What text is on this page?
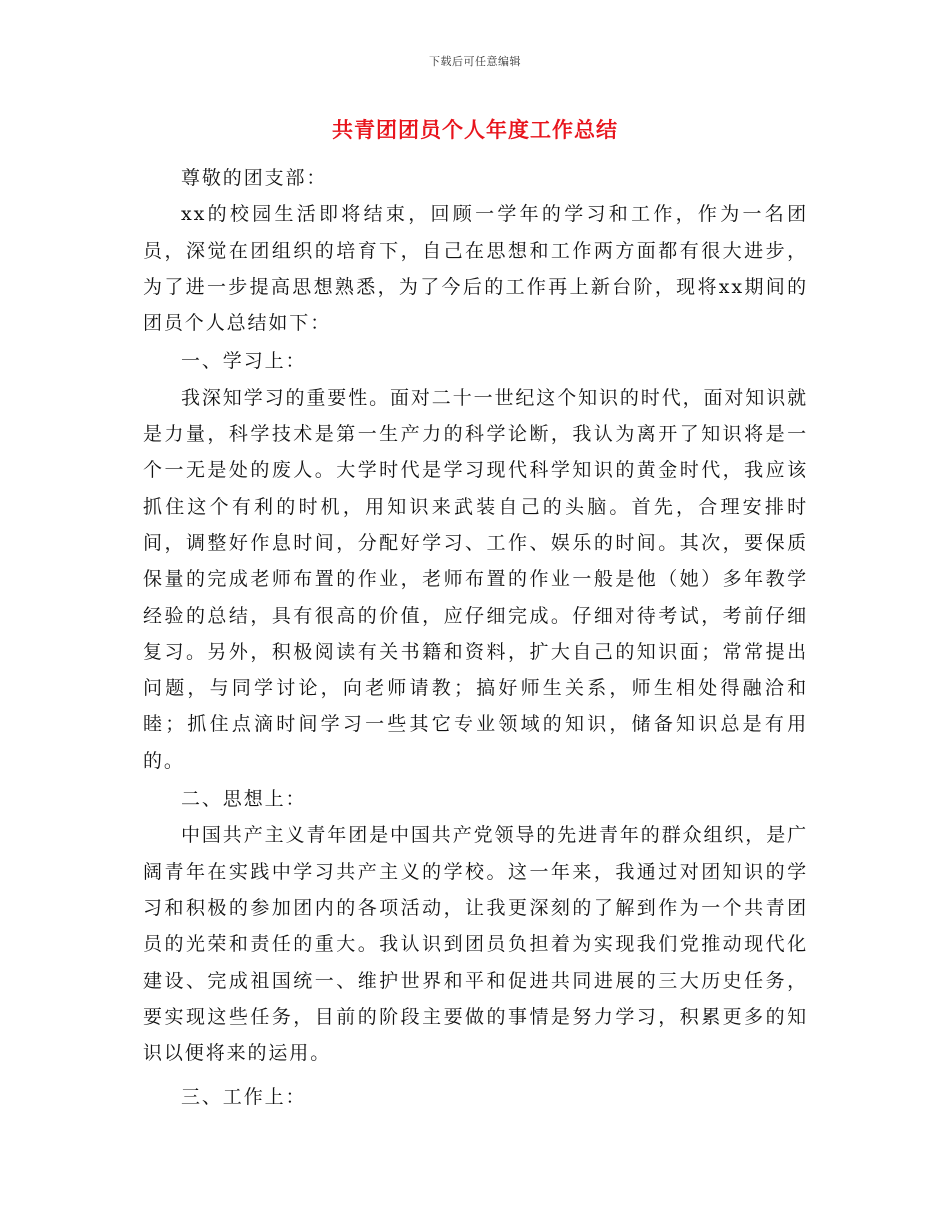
下载后可任意编辑
共青团团员个人年度工作总结

尊敬的团支部：

xx的校园生活即将结束，回顾一学年的学习和工作，作为一名团员，深觉在团组织的培育下，自己在思想和工作两方面都有很大进步，为了进一步提高思想熟悉，为了今后的工作再上新台阶，现将xx期间的团员个人总结如下：

一、学习上：

我深知学习的重要性。面对二十一世纪这个知识的时代，面对知识就是力量，科学技术是第一生产力的科学论断，我认为离开了知识将是一个一无是处的废人。大学时代是学习现代科学知识的黄金时代，我应该抓住这个有利的时机，用知识来武装自己的头脑。首先，合理安排时间，调整好作息时间，分配好学习、工作、娱乐的时间。其次，要保质保量的完成老师布置的作业，老师布置的作业一般是他（她）多年教学经验的总结，具有很高的价值，应仔细完成。仔细对待考试，考前仔细复习。另外，积极阅读有关书籍和资料，扩大自己的知识面；常常提出问题，与同学讨论，向老师请教；搞好师生关系，师生相处得融洽和睦；抓住点滴时间学习一些其它专业领域的知识，储备知识总是有用的。

二、思想上：

中国共产主义青年团是中国共产党领导的先进青年的群众组织，是广阔青年在实践中学习共产主义的学校。这一年来，我通过对团知识的学习和积极的参加团内的各项活动，让我更深刻的了解到作为一个共青团员的光荣和责任的重大。我认识到团员负担着为实现我们党推动现代化建设、完成祖国统一、维护世界和平和促进共同进展的三大历史任务，要实现这些任务，目前的阶段主要做的事情是努力学习，积累更多的知识以便将来的运用。

三、工作上：
